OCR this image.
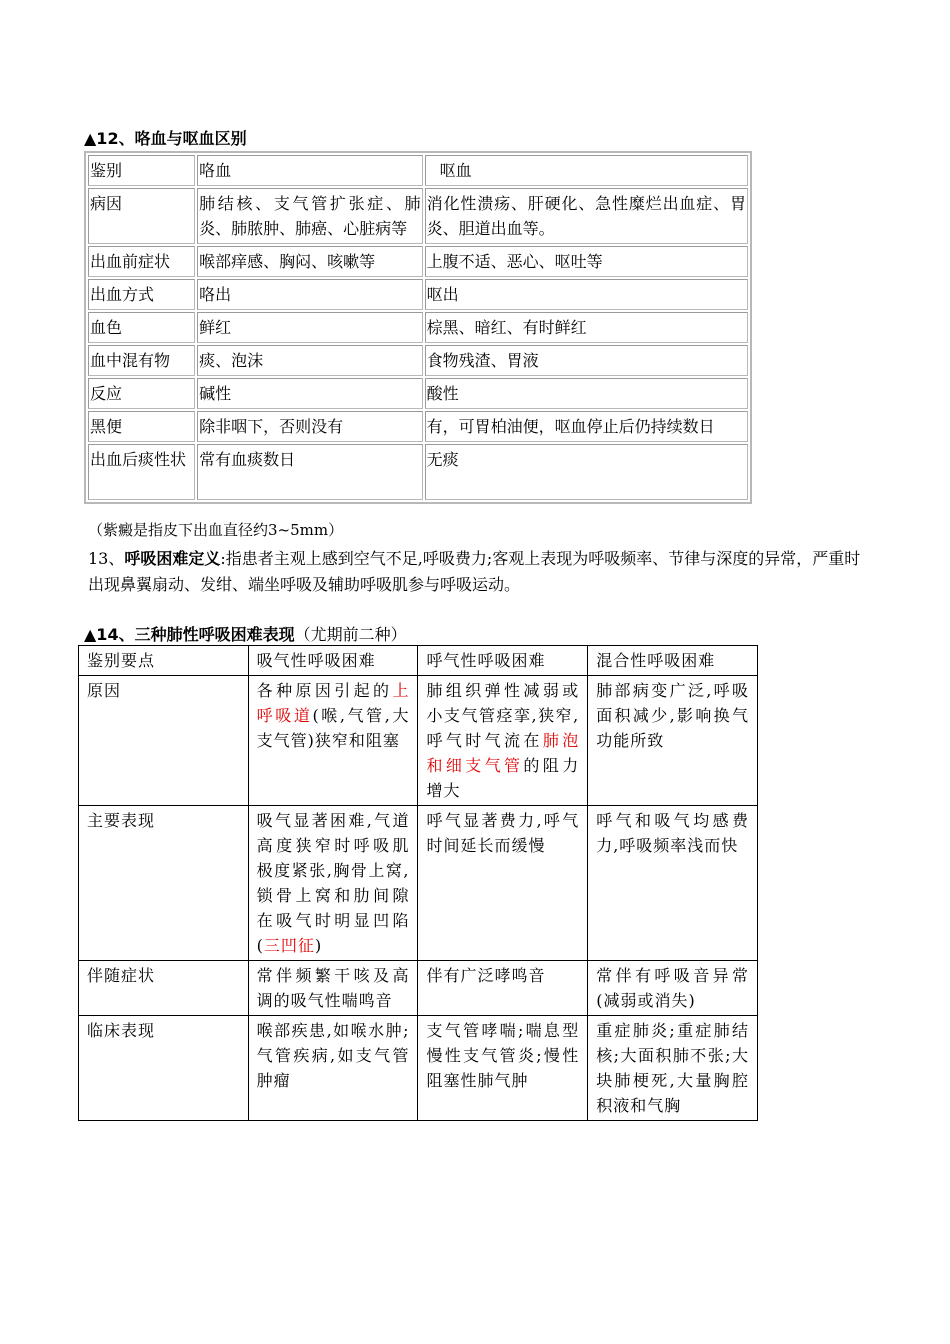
▲12、咯血与呕血区别
鉴别	咯血	呕血
病因	肺结核、支气管扩张症、肺炎、肺脓肿、肺癌、心脏病等	消化性溃疡、肝硬化、急性糜烂出血症、胃炎、胆道出血等。
出血前症状	喉部痒感、胸闷、咳嗽等	上腹不适、恶心、呕吐等
出血方式	咯出	呕出
血色	鲜红	棕黑、暗红、有时鲜红
血中混有物	痰、泡沫	食物残渣、胃液
反应	碱性	酸性
黑便	除非咽下，否则没有	有，可胃柏油便，呕血停止后仍持续数日
出血后痰性状	常有血痰数日	无痰
（紫癜是指皮下出血直径约3~5mm）
13、呼吸困难定义:指患者主观上感到空气不足,呼吸费力;客观上表现为呼吸频率、节律与深度的异常，严重时出现鼻翼扇动、发绀、端坐呼吸及辅助呼吸肌参与呼吸运动。
▲14、三种肺性呼吸困难表现（尤期前二种）
鉴别要点	吸气性呼吸困难	呼气性呼吸困难	混合性呼吸困难
原因	各种原因引起的上呼吸道(喉,气管,大支气管)狭窄和阻塞	肺组织弹性减弱或小支气管痉挛,狭窄,呼气时气流在肺泡和细支气管的阻力增大	肺部病变广泛,呼吸面积减少,影响换气功能所致
主要表现	吸气显著困难,气道高度狭窄时呼吸肌极度紧张,胸骨上窝,锁骨上窝和肋间隙在吸气时明显凹陷(三凹征)	呼气显著费力,呼气时间延长而缓慢	呼气和吸气均感费力,呼吸频率浅而快
伴随症状	常伴频繁干咳及高调的吸气性喘鸣音	伴有广泛哮鸣音	常伴有呼吸音异常(减弱或消失)
临床表现	喉部疾患,如喉水肿;气管疾病,如支气管肿瘤	支气管哮喘;喘息型慢性支气管炎;慢性阻塞性肺气肿	重症肺炎;重症肺结核;大面积肺不张;大块肺梗死,大量胸腔积液和气胸
